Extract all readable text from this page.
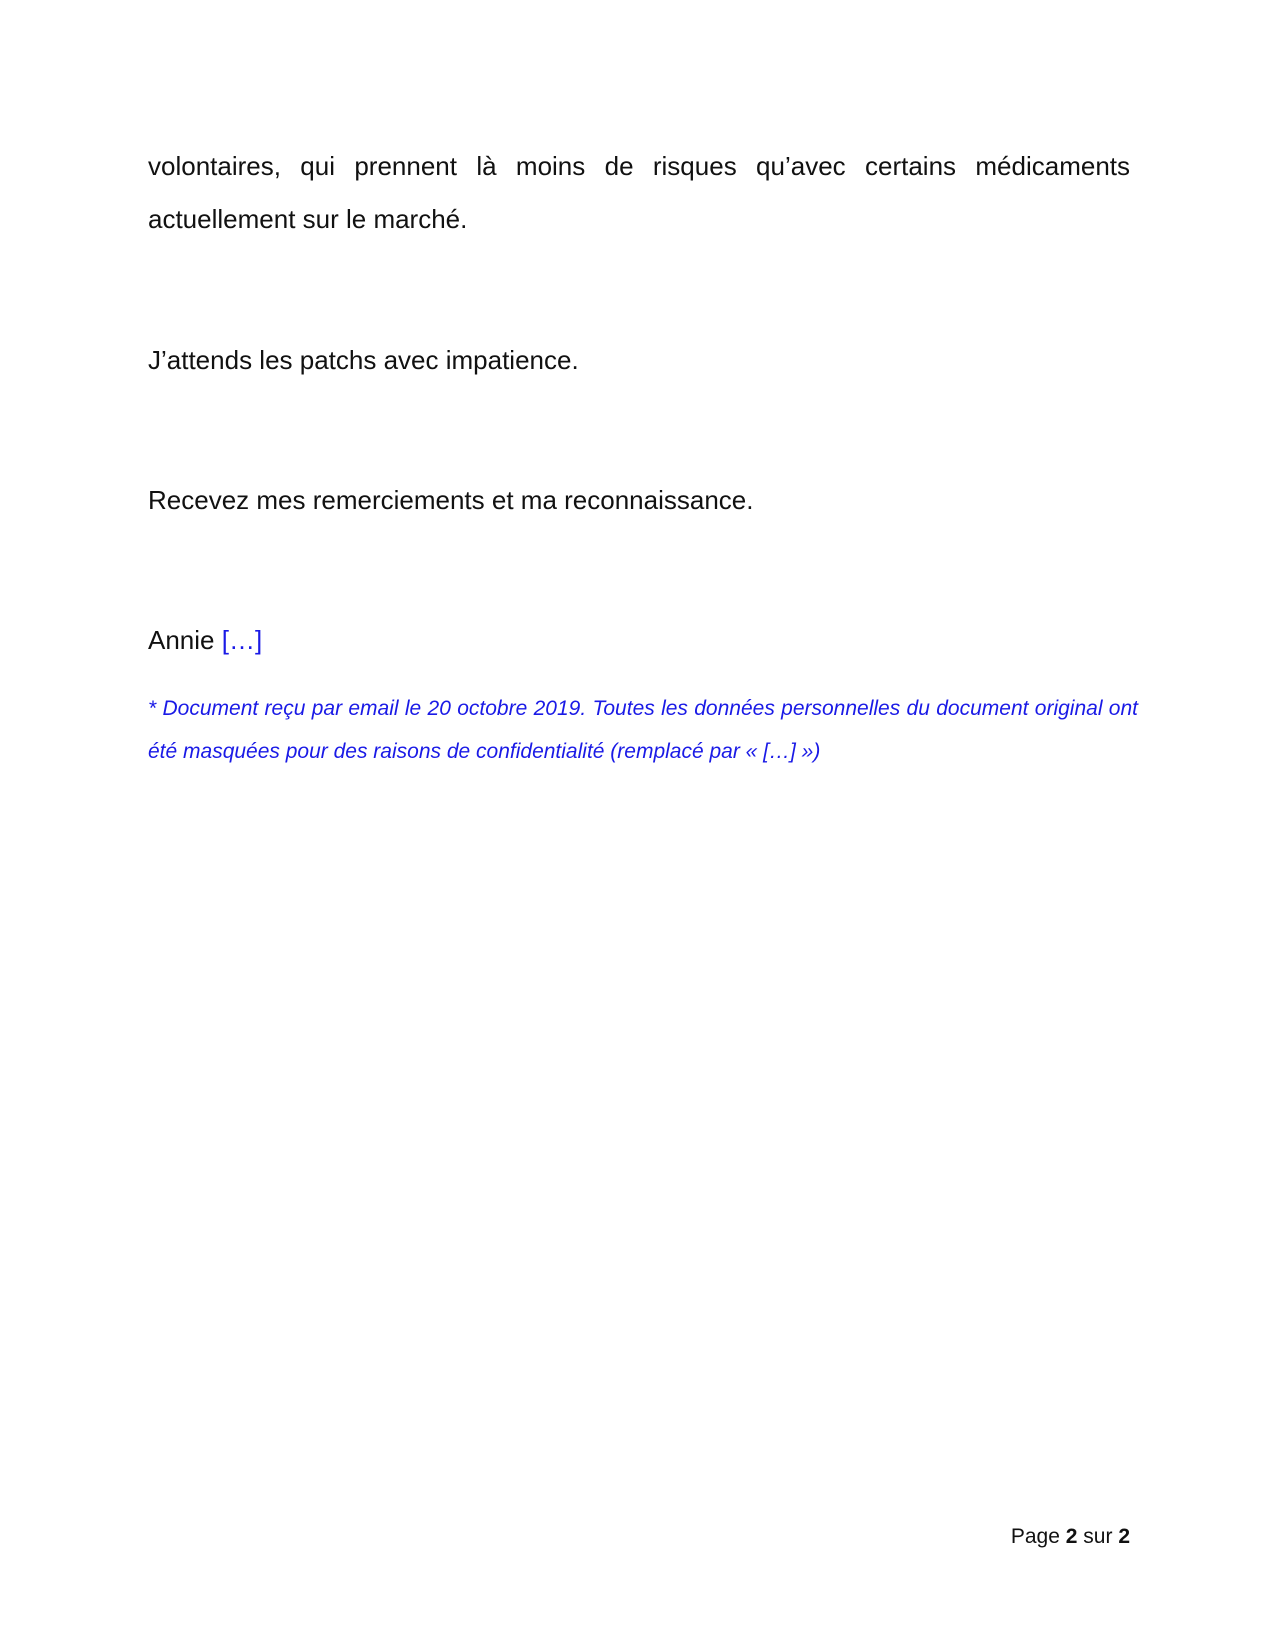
volontaires, qui prennent là moins de risques qu’avec certains médicaments actuellement sur le marché.

J’attends les patchs avec impatience.

Recevez mes remerciements et ma reconnaissance.

Annie […]

* Document reçu par email le 20 octobre 2019. Toutes les données personnelles du document original ont été masquées pour des raisons de confidentialité (remplacé par « […] »)

Page 2 sur 2
